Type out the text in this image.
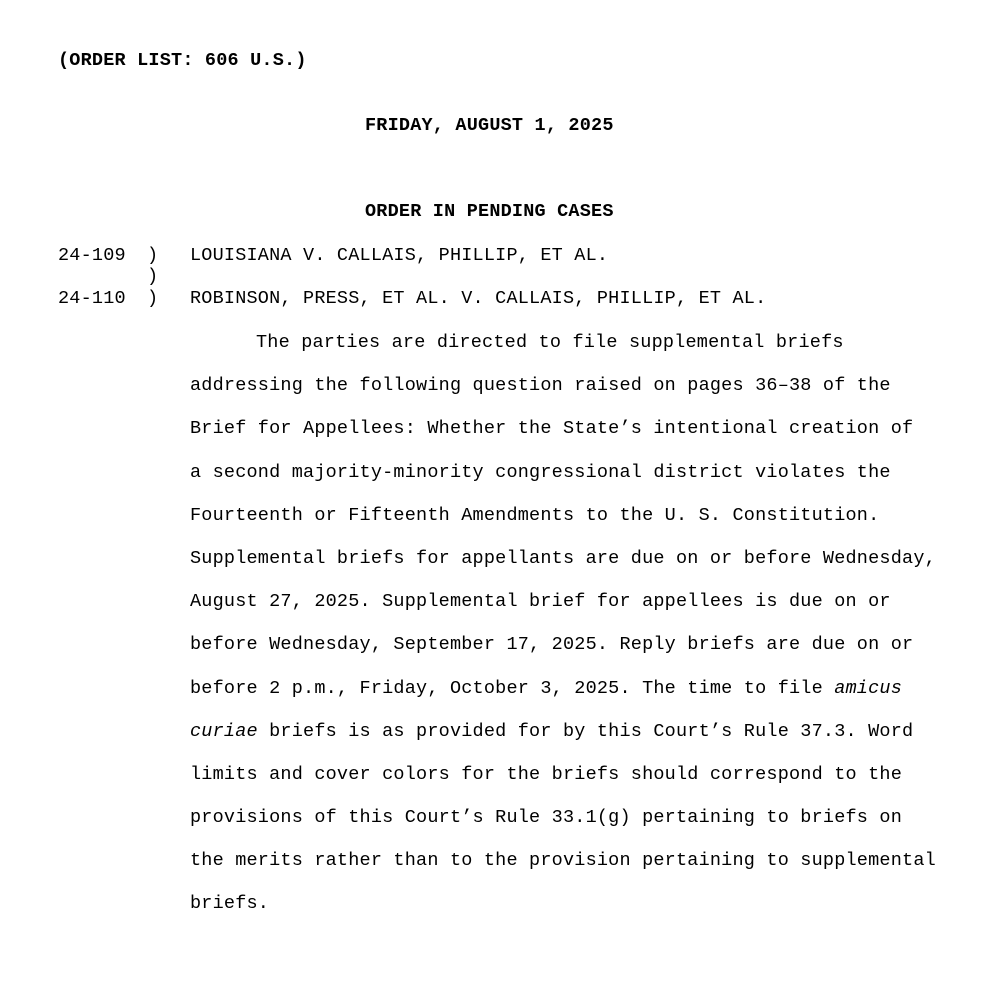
(ORDER LIST: 606 U.S.)
FRIDAY, AUGUST 1, 2025
ORDER IN PENDING CASES
24-109 ) LOUISIANA V. CALLAIS, PHILLIP, ET AL.
)
24-110 ) ROBINSON, PRESS, ET AL. V. CALLAIS, PHILLIP, ET AL.
The parties are directed to file supplemental briefs
addressing the following question raised on pages 36–38 of the
Brief for Appellees: Whether the State’s intentional creation of
a second majority-minority congressional district violates the
Fourteenth or Fifteenth Amendments to the U. S. Constitution.
Supplemental briefs for appellants are due on or before Wednesday,
August 27, 2025. Supplemental brief for appellees is due on or
before Wednesday, September 17, 2025. Reply briefs are due on or
before 2 p.m., Friday, October 3, 2025. The time to file amicus
curiae briefs is as provided for by this Court’s Rule 37.3. Word
limits and cover colors for the briefs should correspond to the
provisions of this Court’s Rule 33.1(g) pertaining to briefs on
the merits rather than to the provision pertaining to supplemental
briefs.
